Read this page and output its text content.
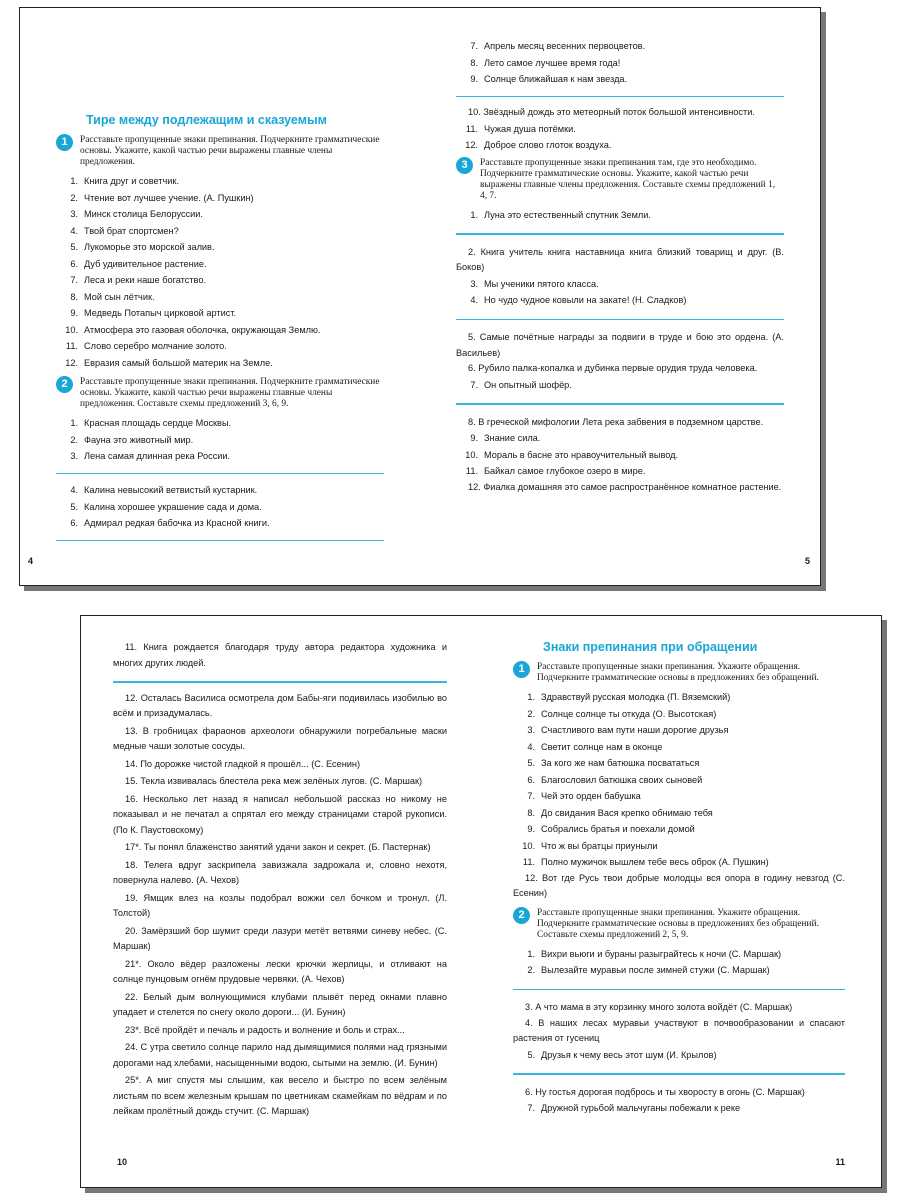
Тире между подлежащим и сказуемым
1	Расставьте пропущенные знаки препинания. Подчеркните грамматические основы. Укажите, какой частью речи выражены главные члены предложения.
1. Книга друг и советчик.
2. Чтение вот лучшее учение. (А. Пушкин)
3. Минск столица Белоруссии.
4. Твой брат спортсмен?
5. Лукоморье это морской залив.
6. Дуб удивительное растение.
7. Леса и реки наше богатство.
8. Мой сын лётчик.
9. Медведь Потапыч цирковой артист.
10. Атмосфера это газовая оболочка, окружающая Землю.
11. Слово серебро молчание золото.
12. Евразия самый большой материк на Земле.
2	Расставьте пропущенные знаки препинания. Подчеркните грамматические основы. Укажите, какой частью речи выражены главные члены предложения. Составьте схемы предложений 3, 6, 9.
1. Красная площадь сердце Москвы.
2. Фауна это животный мир.
3. Лена самая длинная река России.
4. Калина невысокий ветвистый кустарник.
5. Калина хорошее украшение сада и дома.
6. Адмирал редкая бабочка из Красной книги.
4
7. Апрель месяц весенних первоцветов.
8. Лето самое лучшее время года!
9. Солнце ближайшая к нам звезда.
10. Звёздный дождь это метеорный поток большой интенсивности.
11. Чужая душа потёмки.
12. Доброе слово глоток воздуха.
3	Расставьте пропущенные знаки препинания там, где это необходимо. Подчеркните грамматические основы. Укажите, какой частью речи выражены главные члены предложения. Составьте схемы предложений 1, 4, 7.
1. Луна это естественный спутник Земли.
2. Книга учитель книга наставница книга близкий товарищ и друг. (В. Боков)
3. Мы ученики пятого класса.
4. Но чудо чудное ковыли на закате! (Н. Сладков)
5. Самые почётные награды за подвиги в труде и бою это ордена. (А. Васильев)
6. Рубило палка-копалка и дубинка первые орудия труда человека.
7. Он опытный шофёр.
8. В греческой мифологии Лета река забвения в подземном царстве.
9. Знание сила.
10. Мораль в басне это нравоучительный вывод.
11. Байкал самое глубокое озеро в мире.
12. Фиалка домашняя это самое распространённое комнатное растение.
5
11. Книга рождается благодаря труду автора редактора художника и многих других людей.
12. Осталась Василиса осмотрела дом Бабы-яги подивилась изобилью во всём и призадумалась.
13. В гробницах фараонов археологи обнаружили погребальные маски медные чаши золотые сосуды.
14. По дорожке чистой гладкой я прошёл... (С. Есенин)
15. Текла извивалась блестела река меж зелёных лугов. (С. Маршак)
16. Несколько лет назад я написал небольшой рассказ но никому не показывал и не печатал а спрятал его между страницами старой рукописи. (По К. Паустовскому)
17*. Ты понял блаженство занятий удачи закон и секрет. (Б. Пастернак)
18. Телега вдруг заскрипела завизжала задрожала и, словно нехотя, повернула налево. (А. Чехов)
19. Ямщик влез на козлы подобрал вожжи сел бочком и тронул. (Л. Толстой)
20. Замёрзший бор шумит среди лазури метёт ветвями синеву небес. (С. Маршак)
21*. Около вёдер разложены лески крючки жерлицы, и отливают на солнце пунцовым огнём прудовые червяки. (А. Чехов)
22. Белый дым волнующимися клубами плывёт перед окнами плавно упадает и стелется по снегу около дороги... (И. Бунин)
23*. Всё пройдёт и печаль и радость и волнение и боль и страх...
24. С утра светило солнце парило над дымящимися полями над грязными дорогами над хлебами, насыщенными водою, сытыми на землю. (И. Бунин)
25*. А миг спустя мы слышим, как весело и быстро по всем зелёным листьям по всем железным крышам по цветникам скамейкам по вёдрам и по лейкам пролётный дождь стучит. (С. Маршак)
10
Знаки препинания при обращении
1	Расставьте пропущенные знаки препинания. Укажите обращения. Подчеркните грамматические основы в предложениях без обращений.
1. Здравствуй русская молодка (П. Вяземский)
2. Солнце солнце ты откуда (О. Высотская)
3. Счастливого вам пути наши дорогие друзья
4. Светит солнце нам в оконце
5. За кого же нам батюшка посвататься
6. Благословил батюшка своих сыновей
7. Чей это орден бабушка
8. До свидания Вася крепко обнимаю тебя
9. Собрались братья и поехали домой
10. Что ж вы братцы приуныли
11. Полно мужичок вышлем тебе весь оброк (А. Пушкин)
12. Вот где Русь твои добрые молодцы вся опора в годину невзгод (С. Есенин)
2	Расставьте пропущенные знаки препинания. Укажите обращения. Подчеркните грамматические основы в предложениях без обращений. Составьте схемы предложений 2, 5, 9.
1. Вихри вьюги и бураны разыграйтесь к ночи (С. Маршак)
2. Вылезайте муравьи после зимней стужи (С. Маршак)
3. А что мама в эту корзинку много золота войдёт (С. Маршак)
4. В наших лесах муравьи участвуют в почвообразовании и спасают растения от гусениц
5. Друзья к чему весь этот шум (И. Крылов)
6. Ну гостья дорогая подбрось и ты хворосту в огонь (С. Маршак)
7. Дружной гурьбой мальчуганы побежали к реке
11
